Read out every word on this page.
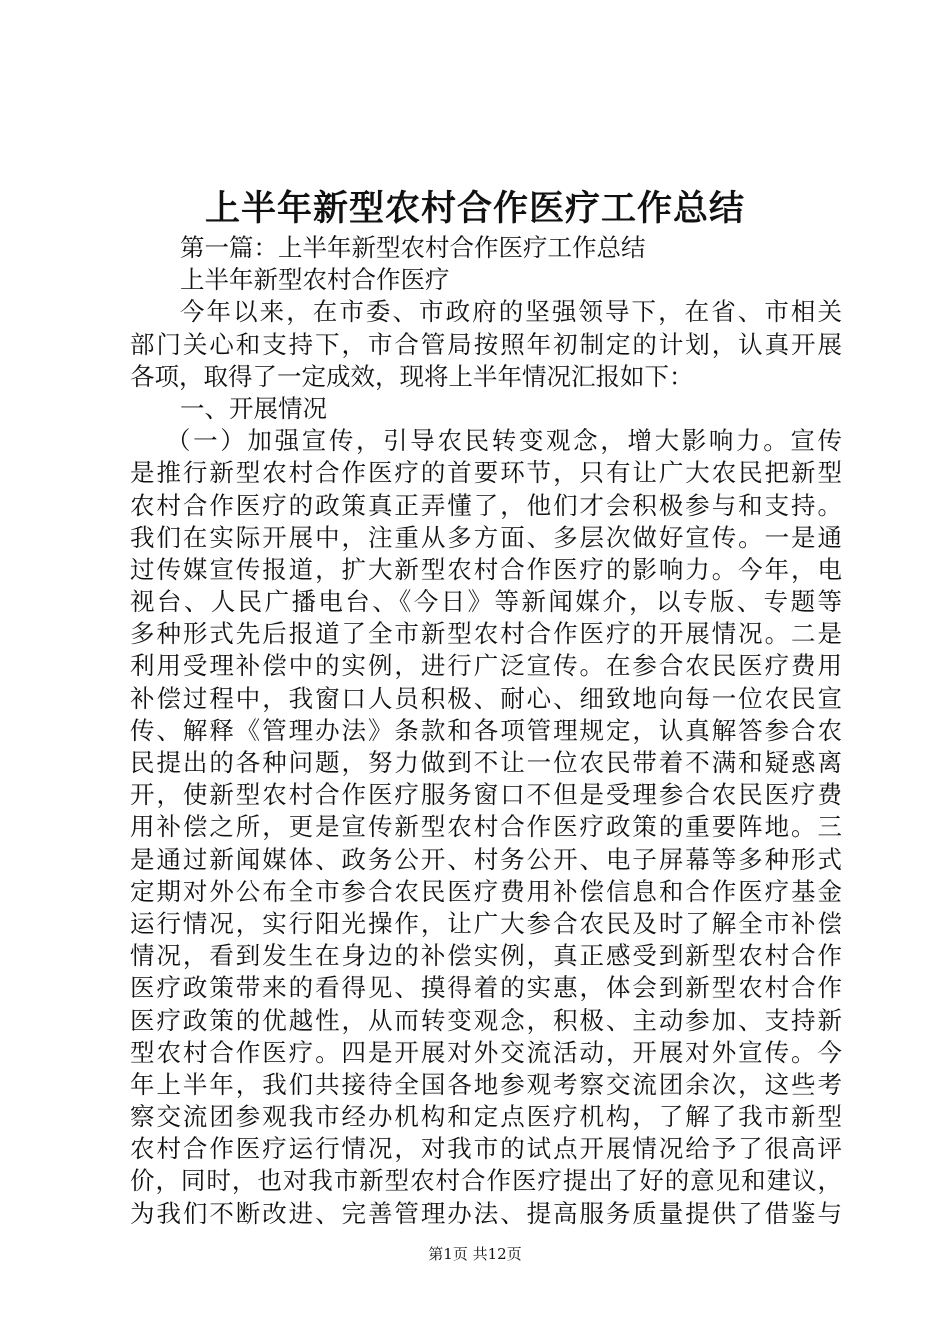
上半年新型农村合作医疗工作总结
第一篇：上半年新型农村合作医疗工作总结
上半年新型农村合作医疗
今年以来，在市委、市政府的坚强领导下，在省、市相关
部门关心和支持下，市合管局按照年初制定的计划，认真开展
各项，取得了一定成效，现将上半年情况汇报如下：
一、开展情况
（一）加强宣传，引导农民转变观念，增大影响力。宣传
是推行新型农村合作医疗的首要环节，只有让广大农民把新型
农村合作医疗的政策真正弄懂了，他们才会积极参与和支持。
我们在实际开展中，注重从多方面、多层次做好宣传。一是通
过传媒宣传报道，扩大新型农村合作医疗的影响力。今年，电
视台、人民广播电台、《今日》等新闻媒介，以专版、专题等
多种形式先后报道了全市新型农村合作医疗的开展情况。二是
利用受理补偿中的实例，进行广泛宣传。在参合农民医疗费用
补偿过程中，我窗口人员积极、耐心、细致地向每一位农民宣
传、解释《管理办法》条款和各项管理规定，认真解答参合农
民提出的各种问题，努力做到不让一位农民带着不满和疑惑离
开，使新型农村合作医疗服务窗口不但是受理参合农民医疗费
用补偿之所，更是宣传新型农村合作医疗政策的重要阵地。三
是通过新闻媒体、政务公开、村务公开、电子屏幕等多种形式
定期对外公布全市参合农民医疗费用补偿信息和合作医疗基金
运行情况，实行阳光操作，让广大参合农民及时了解全市补偿
情况，看到发生在身边的补偿实例，真正感受到新型农村合作
医疗政策带来的看得见、摸得着的实惠，体会到新型农村合作
医疗政策的优越性，从而转变观念，积极、主动参加、支持新
型农村合作医疗。四是开展对外交流活动，开展对外宣传。今
年上半年，我们共接待全国各地参观考察交流团余次，这些考
察交流团参观我市经办机构和定点医疗机构，了解了我市新型
农村合作医疗运行情况，对我市的试点开展情况给予了很高评
价，同时，也对我市新型农村合作医疗提出了好的意见和建议，
为我们不断改进、完善管理办法、提高服务质量提供了借鉴与
第1页 共12页
